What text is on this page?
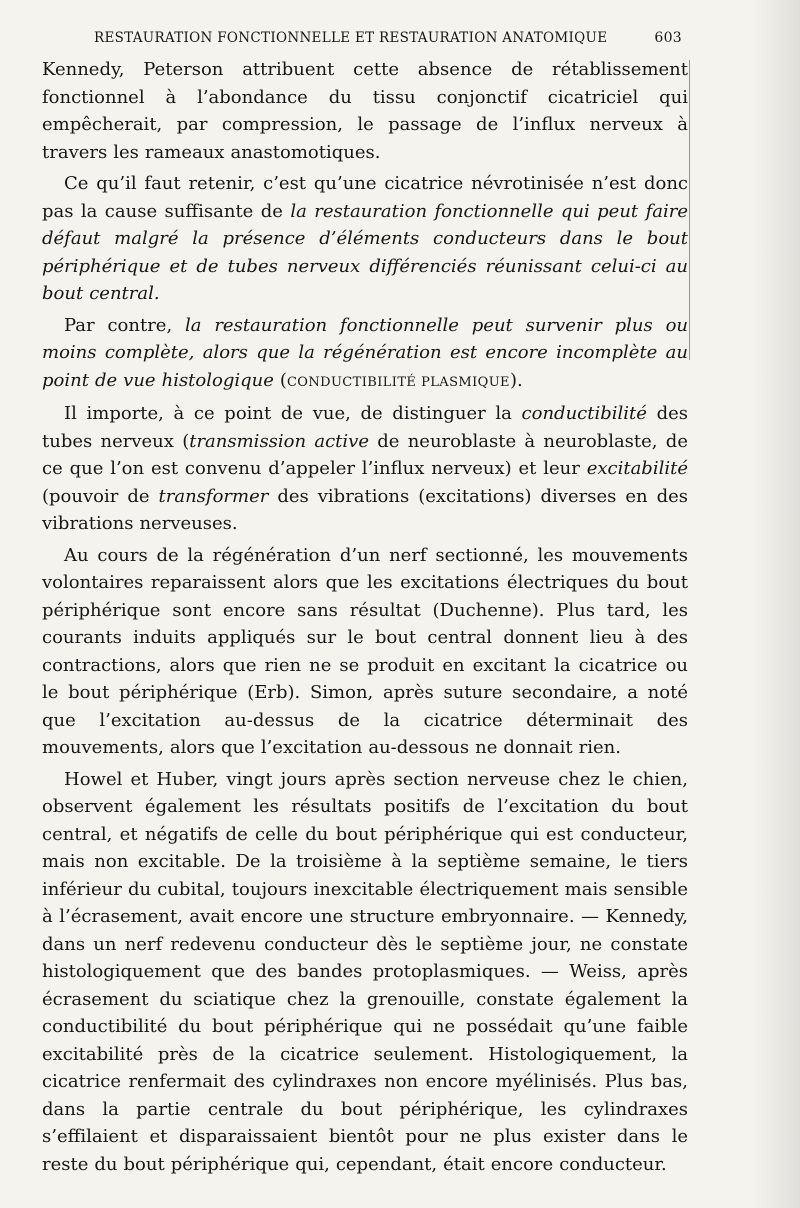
RESTAURATION FONCTIONNELLE ET RESTAURATION ANATOMIQUE	603

Kennedy, Peterson attribuent cette absence de rétablissement fonctionnel à l’abondance du tissu conjonctif cicatriciel qui empêcherait, par compression, le passage de l’influx nerveux à travers les rameaux anastomotiques.

Ce qu’il faut retenir, c’est qu’une cicatrice névrotinisée n’est donc pas la cause suffisante de la restauration fonctionnelle qui peut faire défaut malgré la présence d’éléments conducteurs dans le bout périphérique et de tubes nerveux différenciés réunissant celui-ci au bout central.

Par contre, la restauration fonctionnelle peut survenir plus ou moins complète, alors que la régénération est encore incomplète au point de vue histologique (CONDUCTIBILITÉ PLASMIQUE).

Il importe, à ce point de vue, de distinguer la conductibilité des tubes nerveux (transmission active de neuroblaste à neuroblaste, de ce que l’on est convenu d’appeler l’influx nerveux) et leur excitabilité (pouvoir de transformer des vibrations (excitations) diverses en des vibrations nerveuses.

Au cours de la régénération d’un nerf sectionné, les mouvements volontaires reparaissent alors que les excitations électriques du bout périphérique sont encore sans résultat (Duchenne). Plus tard, les courants induits appliqués sur le bout central donnent lieu à des contractions, alors que rien ne se produit en excitant la cicatrice ou le bout périphérique (Erb). Simon, après suture secondaire, a noté que l’excitation au-dessus de la cicatrice déterminait des mouvements, alors que l’excitation au-dessous ne donnait rien.

Howel et Huber, vingt jours après section nerveuse chez le chien, observent également les résultats positifs de l’excitation du bout central, et négatifs de celle du bout périphérique qui est conducteur, mais non excitable. De la troisième à la septième semaine, le tiers inférieur du cubital, toujours inexcitable électriquement mais sensible à l’écrasement, avait encore une structure embryonnaire. — Kennedy, dans un nerf redevenu conducteur dès le septième jour, ne constate histologiquement que des bandes protoplasmiques. — Weiss, après écrasement du sciatique chez la grenouille, constate également la conductibilité du bout périphérique qui ne possédait qu’une faible excitabilité près de la cicatrice seulement. Histologiquement, la cicatrice renfermait des cylindraxes non encore myélinisés. Plus bas, dans la partie centrale du bout périphérique, les cylindraxes s’effilaient et disparaissaient bientôt pour ne plus exister dans le reste du bout périphérique qui, cependant, était encore conducteur.
